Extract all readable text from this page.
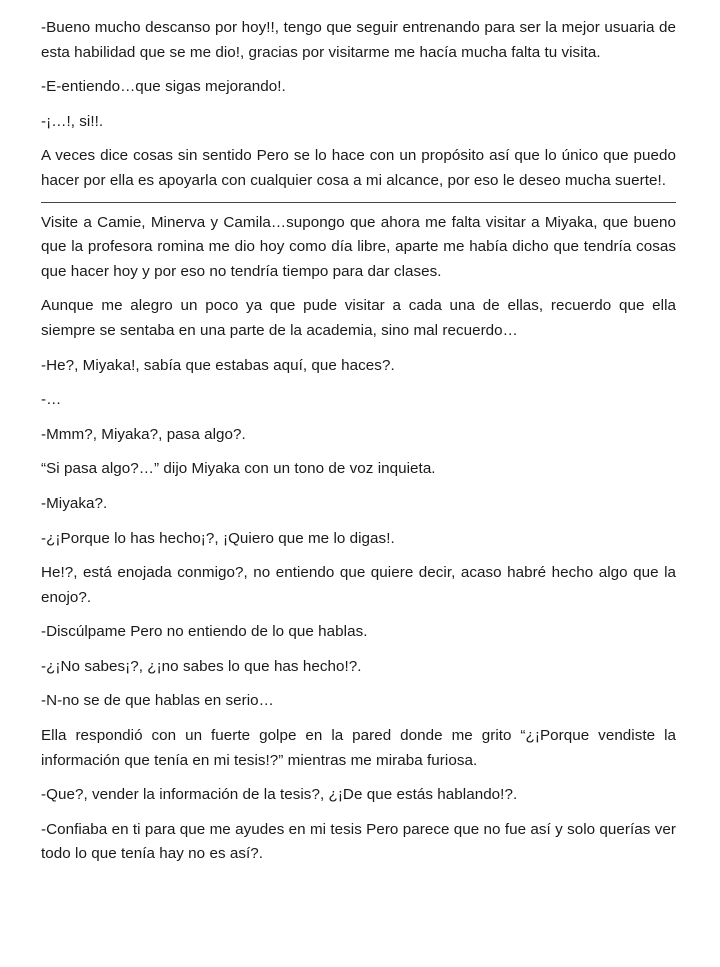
-Bueno mucho descanso por hoy!!, tengo que seguir entrenando para ser la mejor usuaria de esta habilidad que se me dio!, gracias por visitarme me hacía mucha falta tu visita.

-E-entiendo…que sigas mejorando!.

-¡…!, si!!.

A veces dice cosas sin sentido Pero se lo hace con un propósito así que lo único que puedo hacer por ella es apoyarla con cualquier cosa a mi alcance, por eso le deseo mucha suerte!.

Visite a Camie, Minerva y Camila…supongo que ahora me falta visitar a Miyaka, que bueno que la profesora romina me dio hoy como día libre, aparte me había dicho que tendría cosas que hacer hoy y por eso no tendría tiempo para dar clases.

Aunque me alegro un poco ya que pude visitar a cada una de ellas, recuerdo que ella siempre se sentaba en una parte de la academia, sino mal recuerdo…

-He?, Miyaka!, sabía que estabas aquí, que haces?.

-…

-Mmm?, Miyaka?, pasa algo?.

“Si pasa algo?…” dijo Miyaka con un tono de voz inquieta.

-Miyaka?.

-¿¡Porque lo has hecho¡?, ¡Quiero que me lo digas!.

He!?, está enojada conmigo?, no entiendo que quiere decir, acaso habré hecho algo que la enojo?.

-Discúlpame Pero no entiendo de lo que hablas.

-¿¡No sabes¡?, ¿¡no sabes lo que has hecho!?.

-N-no se de que hablas en serio…

Ella respondió con un fuerte golpe en la pared donde me grito “¿¡Porque vendiste la información que tenía en mi tesis!?” mientras me miraba furiosa.

-Que?, vender la información de la tesis?, ¿¡De que estás hablando!?.

-Confiaba en ti para que me ayudes en mi tesis Pero parece que no fue así y solo querías ver todo lo que tenía hay no es así?.
